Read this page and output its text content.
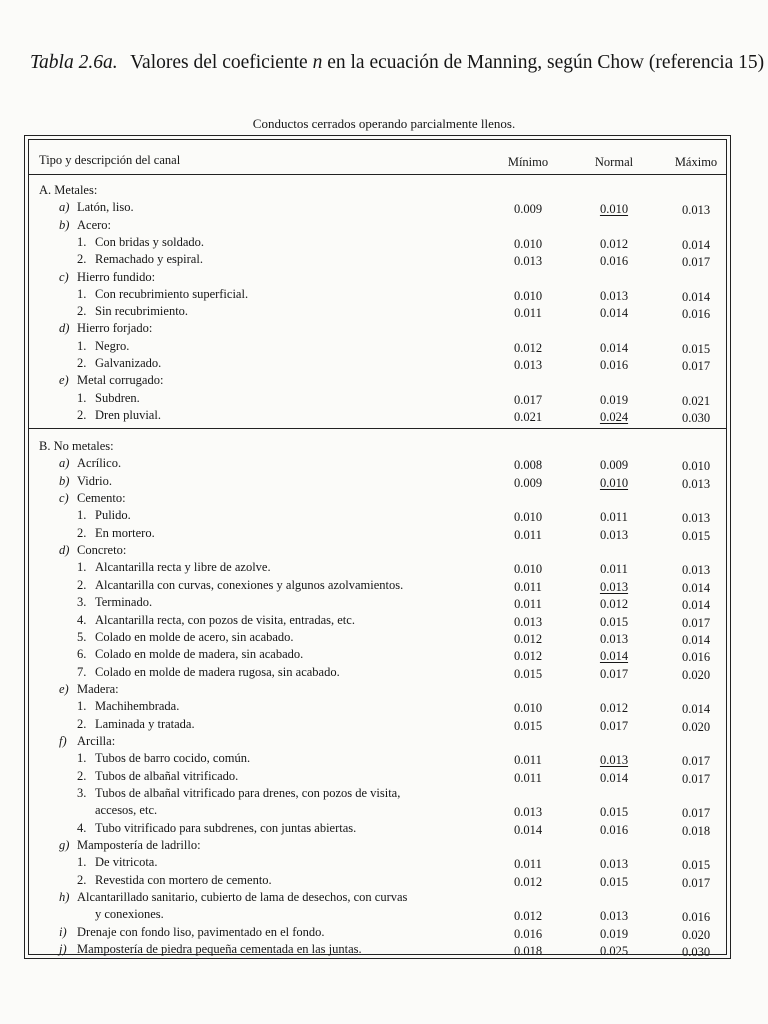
Tabla 2.6a. Valores del coeficiente n en la ecuación de Manning, según Chow (referencia 15)
Conductos cerrados operando parcialmente llenos.
Tipo y descripción del canal	Mínimo	Normal	Máximo
A. Metales:
a) Latón, liso.	0.009	0.010	0.013
b) Acero:
1. Con bridas y soldado.	0.010	0.012	0.014
2. Remachado y espiral.	0.013	0.016	0.017
c) Hierro fundido:
1. Con recubrimiento superficial.	0.010	0.013	0.014
2. Sin recubrimiento.	0.011	0.014	0.016
d) Hierro forjado:
1. Negro.	0.012	0.014	0.015
2. Galvanizado.	0.013	0.016	0.017
e) Metal corrugado:
1. Subdren.	0.017	0.019	0.021
2. Dren pluvial.	0.021	0.024	0.030
B. No metales:
a) Acrílico.	0.008	0.009	0.010
b) Vidrio.	0.009	0.010	0.013
c) Cemento:
1. Pulido.	0.010	0.011	0.013
2. En mortero.	0.011	0.013	0.015
d) Concreto:
1. Alcantarilla recta y libre de azolve.	0.010	0.011	0.013
2. Alcantarilla con curvas, conexiones y algunos azolvamientos.	0.011	0.013	0.014
3. Terminado.	0.011	0.012	0.014
4. Alcantarilla recta, con pozos de visita, entradas, etc.	0.013	0.015	0.017
5. Colado en molde de acero, sin acabado.	0.012	0.013	0.014
6. Colado en molde de madera, sin acabado.	0.012	0.014	0.016
7. Colado en molde de madera rugosa, sin acabado.	0.015	0.017	0.020
e) Madera:
1. Machihembrada.	0.010	0.012	0.014
2. Laminada y tratada.	0.015	0.017	0.020
f) Arcilla:
1. Tubos de barro cocido, común.	0.011	0.013	0.017
2. Tubos de albañal vitrificado.	0.011	0.014	0.017
3. Tubos de albañal vitrificado para drenes, con pozos de visita,
accesos, etc.	0.013	0.015	0.017
4. Tubo vitrificado para subdrenes, con juntas abiertas.	0.014	0.016	0.018
g) Mampostería de ladrillo:
1. De vitricota.	0.011	0.013	0.015
2. Revestida con mortero de cemento.	0.012	0.015	0.017
h) Alcantarillado sanitario, cubierto de lama de desechos, con curvas
y conexiones.	0.012	0.013	0.016
i) Drenaje con fondo liso, pavimentado en el fondo.	0.016	0.019	0.020
j) Mampostería de piedra pequeña cementada en las juntas.	0.018	0.025	0.030
